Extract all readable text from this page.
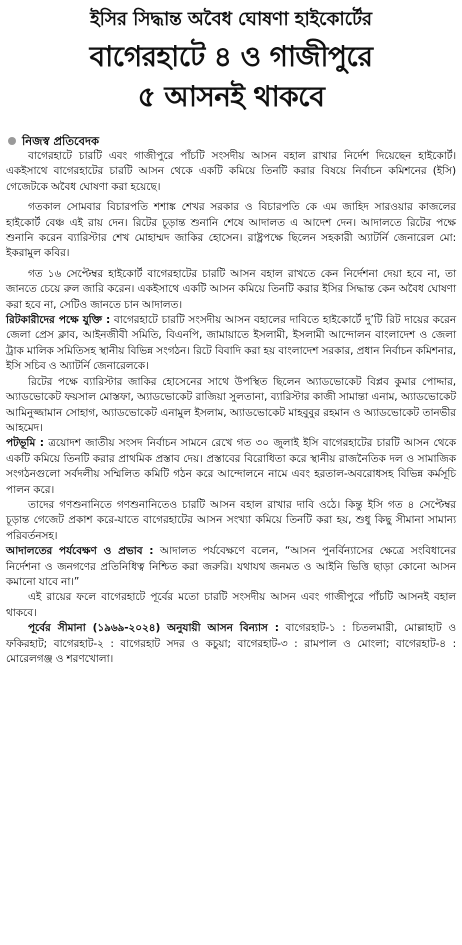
ইসির সিদ্ধান্ত অবৈধ ঘোষণা হাইকোর্টের
বাগেরহাটে ৪ ও গাজীপুরে
৫ আসনই থাকবে
নিজস্ব প্রতিবেদক

বাগেরহাটে চারটি এবং গাজীপুরে পাঁচটি সংসদীয় আসন বহাল রাখার নির্দেশ দিয়েছেন হাইকোর্ট। একইসাথে বাগেরহাটের চারটি আসন থেকে একটি কমিয়ে তিনটি করার বিষয়ে নির্বাচন কমিশনের (ইসি) গেজেটকে অবৈধ ঘোষণা করা হয়েছে।

গতকাল সোমবার বিচারপতি শশাঙ্ক শেখর সরকার ও বিচারপতি কে এম জাহিদ সারওয়ার কাজলের হাইকোর্ট বেঞ্চ এই রায় দেন। রিটের চূড়ান্ত শুনানি শেষে আদালত এ আদেশ দেন। আদালতে রিটের পক্ষে শুনানি করেন ব্যারিস্টার শেখ মোহাম্মদ জাকির হোসেন। রাষ্ট্রপক্ষে ছিলেন সহকারী অ্যাটর্নি জেনারেল মো: ইকরামুল কবির।

গত ১৬ সেপ্টেম্বর হাইকোর্ট বাগেরহাটের চারটি আসন বহাল রাখতে কেন নির্দেশনা দেয়া হবে না, তা জানতে চেয়ে রুল জারি করেন। একইসাথে একটি আসন কমিয়ে তিনটি করার ইসির সিদ্ধান্ত কেন অবৈধ ঘোষণা করা হবে না, সেটিও জানতে চান আদালত।

রিটকারীদের পক্ষে যুক্তি : বাগেরহাটে চারটি সংসদীয় আসন বহালের দাবিতে হাইকোর্টে দু’টি রিট দায়ের করেন জেলা প্রেস ক্লাব, আইনজীবী সমিতি, বিএনপি, জামায়াতে ইসলামী, ইসলামী আন্দোলন বাংলাদেশ ও জেলা ট্রাক মালিক সমিতিসহ স্থানীয় বিভিন্ন সংগঠন। রিটে বিবাদি করা হয় বাংলাদেশ সরকার, প্রধান নির্বাচন কমিশনার, ইসি সচিব ও অ্যাটর্নি জেনারেলকে।

রিটের পক্ষে ব্যারিস্টার জাকির হোসেনের সাথে উপস্থিত ছিলেন অ্যাডভোকেট বিপ্লব কুমার পোদ্দার, অ্যাডভোকেট ফয়সাল মোস্তফা, অ্যাডভোকেট রাজিয়া সুলতানা, ব্যারিস্টার কাজী সামান্তা এনাম, অ্যাডভোকেট আমিনুজ্জামান সোহাগ, অ্যাডভোকেট এনামুল ইসলাম, অ্যাডভোকেট মাহবুবুর রহমান ও অ্যাডভোকেট তানভীর আহমেদ।

পটভূমি : ত্রয়োদশ জাতীয় সংসদ নির্বাচন সামনে রেখে গত ৩০ জুলাই ইসি বাগেরহাটের চারটি আসন থেকে একটি কমিয়ে তিনটি করার প্রাথমিক প্রস্তাব দেয়। প্রস্তাবের বিরোধিতা করে স্থানীয় রাজনৈতিক দল ও সামাজিক সংগঠনগুলো সর্বদলীয় সম্মিলিত কমিটি গঠন করে আন্দোলনে নামে এবং হরতাল-অবরোধসহ বিভিন্ন কর্মসূচি পালন করে।

তাদের গণশুনানিতে গণশুনানিতেও চারটি আসন বহাল রাখার দাবি ওঠে। কিন্তু ইসি গত ৪ সেপ্টেম্বর চূড়ান্ত গেজেট প্রকাশ করে-যাতে বাগেরহাটের আসন সংখ্যা কমিয়ে তিনটি করা হয়, শুধু কিছু সীমানা সামান্য পরিবর্তনসহ।

আদালতের পর্যবেক্ষণ ও প্রভাব : আদালত পর্যবেক্ষণে বলেন, “আসন পুনর্বিন্যাসের ক্ষেত্রে সংবিধানের নির্দেশনা ও জনগণের প্রতিনিধিত্ব নিশ্চিত করা জরুরি। যথাযথ জনমত ও আইনি ভিত্তি ছাড়া কোনো আসন কমানো যাবে না।”

এই রায়ের ফলে বাগেরহাটে পূর্বের মতো চারটি সংসদীয় আসন এবং গাজীপুরে পাঁচটি আসনই বহাল থাকবে।

পূর্বের সীমানা (১৯৬৯-২০২৪) অনুযায়ী আসন বিন্যাস : বাগেরহাট-১ : চিতলমারী, মোল্লাহাট ও ফকিরহাট; বাগেরহাট-২ : বাগেরহাট সদর ও কচুয়া; বাগেরহাট-৩ : রামপাল ও মোংলা; বাগেরহাট-৪ : মোরেলগঞ্জ ও শরণখোলা।
